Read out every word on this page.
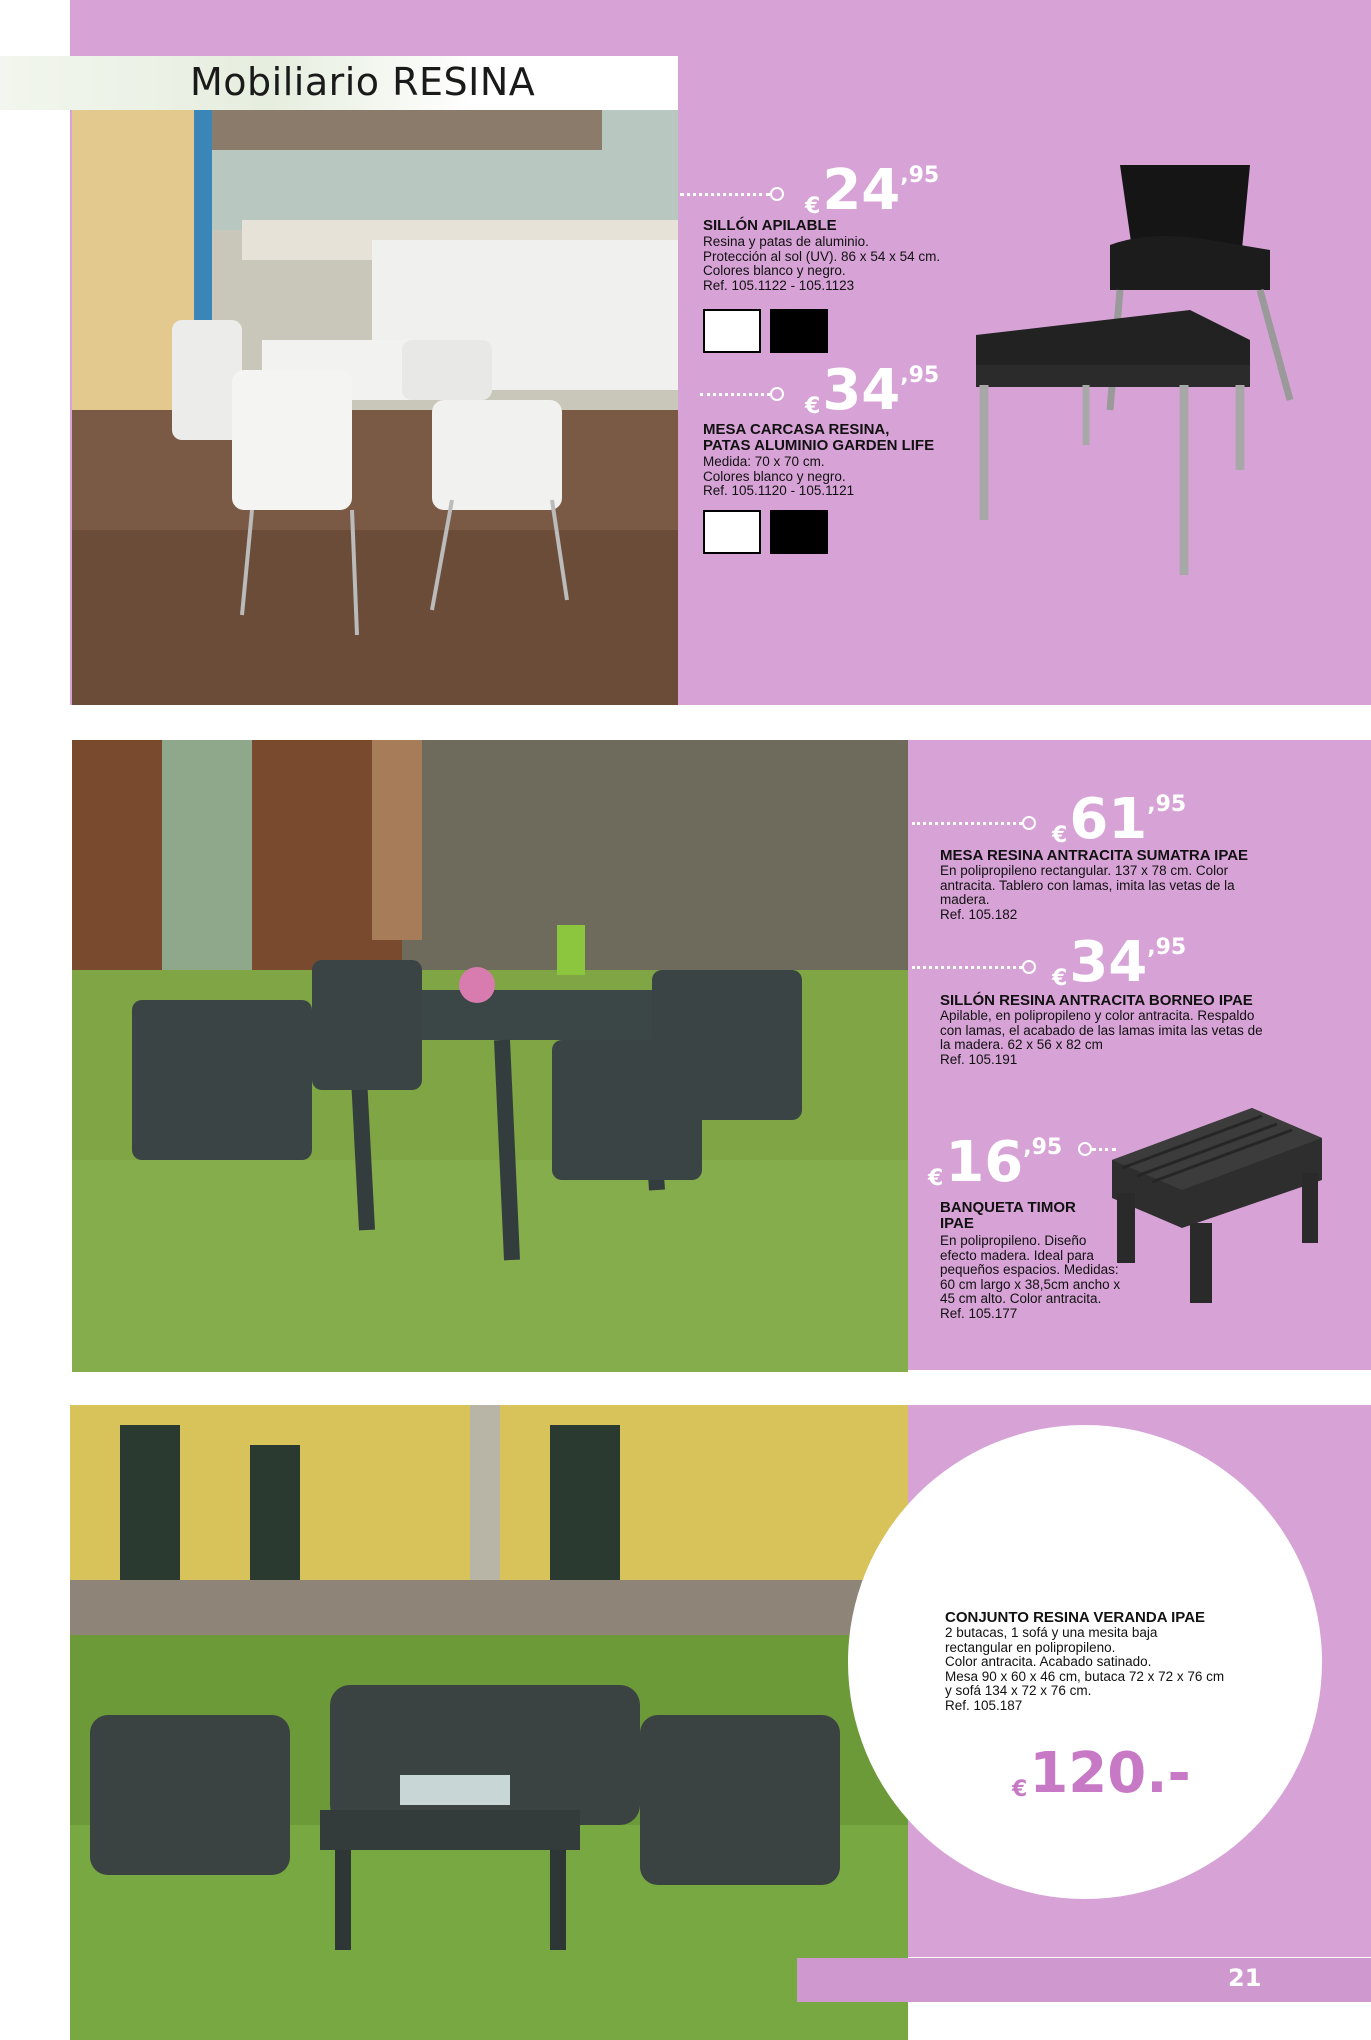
Mobiliario RESINA
€24,95
SILLÓN APILABLE
Resina y patas de aluminio.
Protección al sol (UV). 86 x 54 x 54 cm.
Colores blanco y negro.
Ref. 105.1122 - 105.1123
€34,95
MESA CARCASA RESINA,
PATAS ALUMINIO GARDEN LIFE
Medida: 70 x 70 cm.
Colores blanco y negro.
Ref. 105.1120 - 105.1121
€61,95
MESA RESINA ANTRACITA SUMATRA IPAE
En polipropileno rectangular. 137 x 78 cm. Color
antracita. Tablero con lamas, imita las vetas de la
madera.
Ref. 105.182
€34,95
SILLÓN RESINA ANTRACITA BORNEO IPAE
Apilable, en polipropileno y color antracita. Respaldo
con lamas, el acabado de las lamas imita las vetas de
la madera. 62 x 56 x 82 cm
Ref. 105.191
€16,95
BANQUETA TIMOR
IPAE
En polipropileno. Diseño
efecto madera. Ideal para
pequeños espacios. Medidas:
60 cm largo x 38,5cm ancho x
45 cm alto. Color antracita.
Ref. 105.177
CONJUNTO RESINA VERANDA IPAE
2 butacas, 1 sofá y una mesita baja
rectangular en polipropileno.
Color antracita. Acabado satinado.
Mesa 90 x 60 x 46 cm, butaca 72 x 72 x 76 cm
y sofá 134 x 72 x 76 cm.
Ref. 105.187
€120.-
21
